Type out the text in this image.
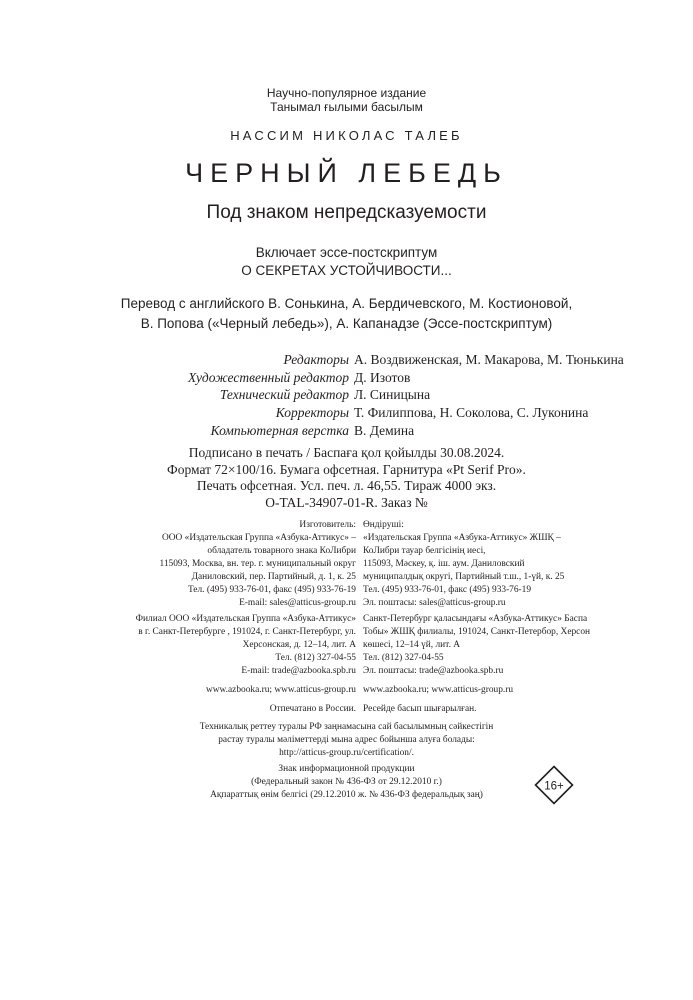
Научно-популярное издание
Танымал ғылыми басылым
НАССИМ НИКОЛАС ТАЛЕБ
ЧЕРНЫЙ ЛЕБЕДЬ
Под знаком непредсказуемости
Включает эссе-постскриптум
О СЕКРЕТАХ УСТОЙЧИВОСТИ...
Перевод с английского В. Сонькина, А. Бердичевского, М. Костионовой,
В. Попова («Черный лебедь»), А. Капанадзе (Эссе-постскриптум)
Редакторы А. Воздвиженская, М. Макарова, М. Тюнькина
Художественный редактор Д. Изотов
Технический редактор Л. Синицына
Корректоры Т. Филиппова, Н. Соколова, С. Луконина
Компьютерная верстка В. Демина
Подписано в печать / Баспаға қол қойылды 30.08.2024.
Формат 72×100/16. Бумага офсетная. Гарнитура «Pt Serif Pro».
Печать офсетная. Усл. печ. л. 46,55. Тираж 4000 экз.
O-TAL-34907-01-R. Заказ №
Изготовитель:
ООО «Издательская Группа «Азбука-Аттикус» –
обладатель товарного знака КоЛибри
115093, Москва, вн. тер. г. муниципальный округ
Даниловский, пер. Партийный, д. 1, к. 25
Тел. (495) 933-76-01, факс (495) 933-76-19
E-mail: sales@atticus-group.ru
Өндіруші:
«Издательская Группа «Азбука-Аттикус» ЖШҚ –
КоЛибри тауар белгісінің иесі,
115093, Мәскеу, қ. іш. аум. Даниловский
муниципалдық округі, Партийный т.ш., 1-үй, к. 25
Тел. (495) 933-76-01, факс (495) 933-76-19
Эл. поштасы: sales@atticus-group.ru
Филиал ООО «Издательская Группа «Азбука-Аттикус»
в г. Санкт-Петербурге , 191024, г. Санкт-Петербург, ул.
Херсонская, д. 12–14, лит. А
Тел. (812) 327-04-55
E-mail: trade@azbooka.spb.ru
Санкт-Петербург қаласындағы «Азбука-Аттикус» Баспа
Тобы» ЖШҚ филиалы, 191024, Санкт-Петербор, Херсон
көшесі, 12–14 үй, лит. А
Тел. (812) 327-04-55
Эл. поштасы: trade@azbooka.spb.ru
www.azbooka.ru; www.atticus-group.ru www.azbooka.ru; www.atticus-group.ru
Отпечатано в России. Ресейде басып шығарылған.
Техникалық реттеу туралы РФ заңнамасына сай басылымның сәйкестігін
растау туралы мәліметтерді мына адрес бойынша алуға болады:
http://atticus-group.ru/certification/.
Знак информационной продукции
(Федеральный закон № 436-ФЗ от 29.12.2010 г.)
Ақпараттық өнім белгісі (29.12.2010 ж. № 436-ФЗ федеральдық заң)
16+
